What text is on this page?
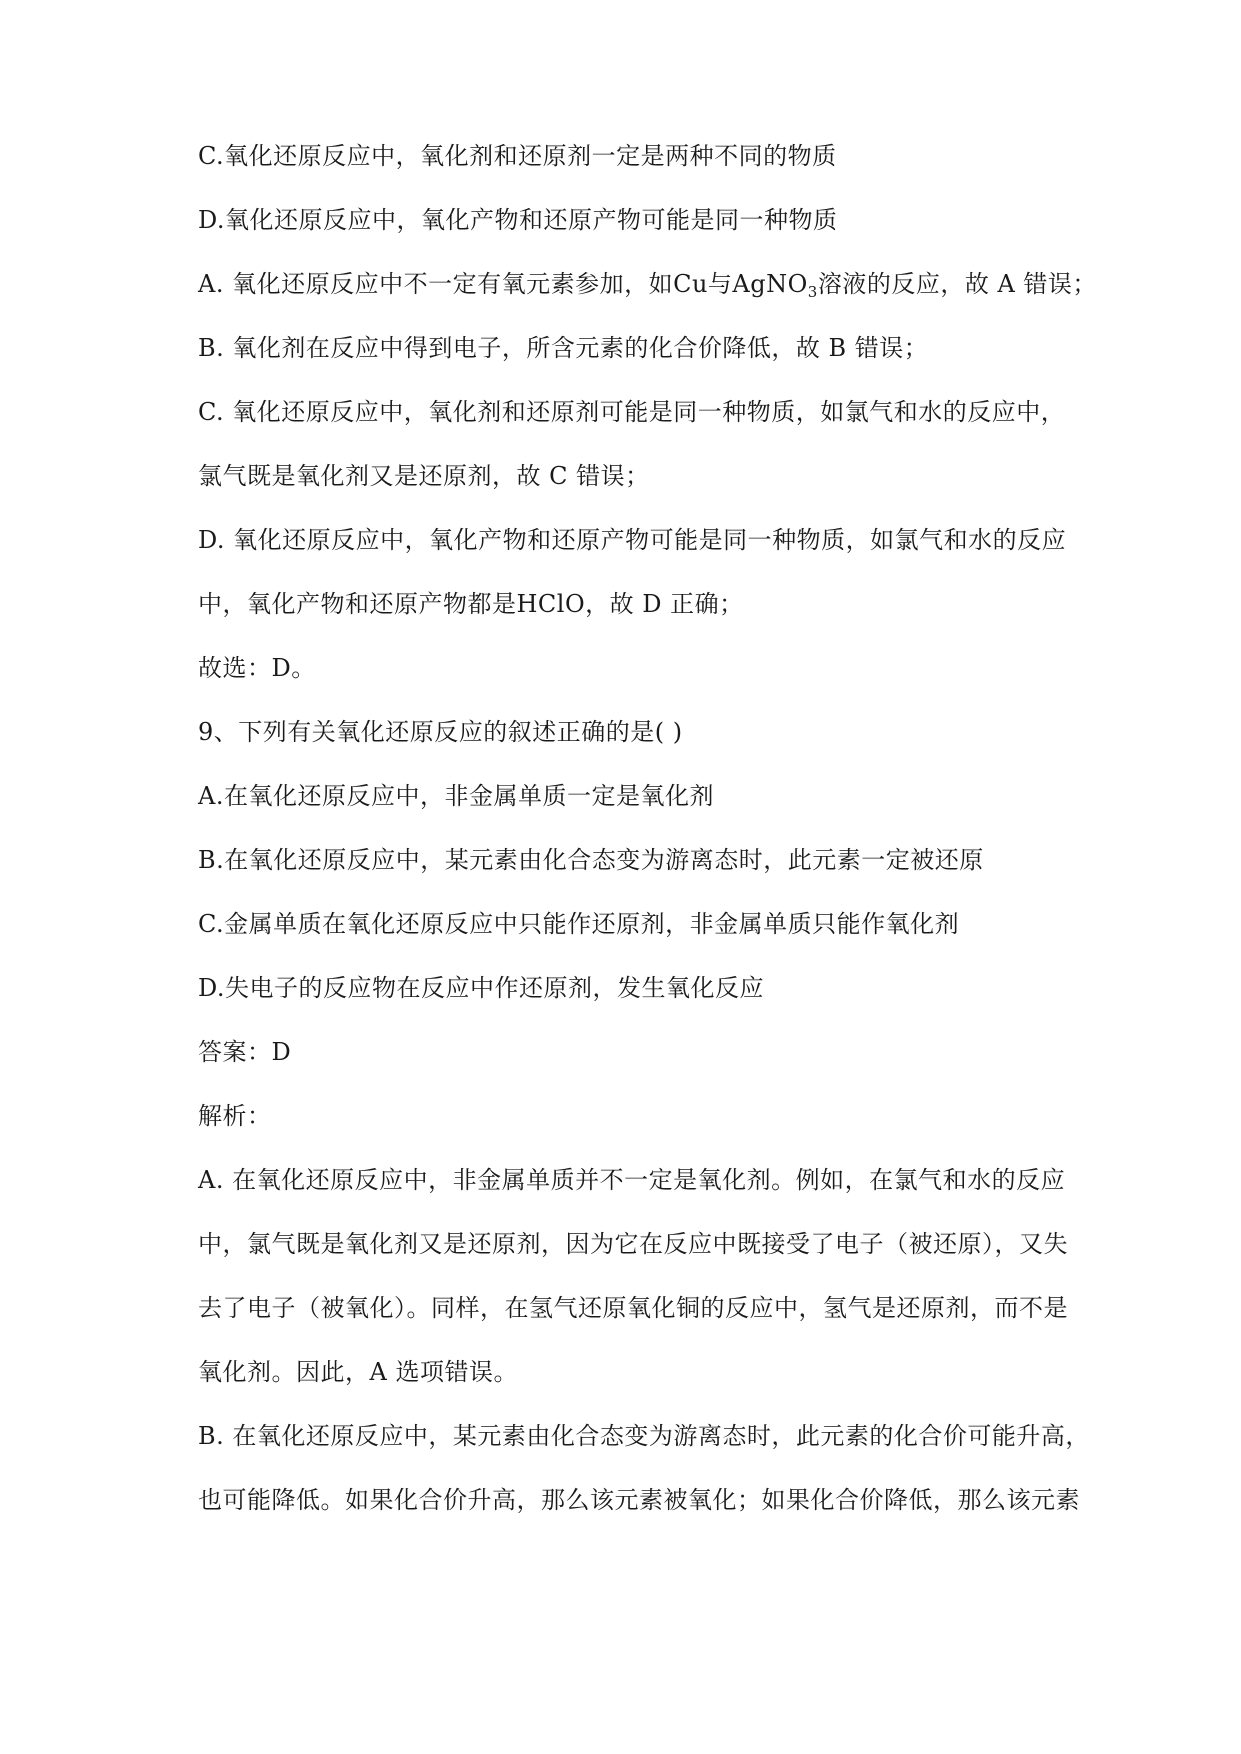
C.氧化还原反应中，氧化剂和还原剂一定是两种不同的物质
D.氧化还原反应中，氧化产物和还原产物可能是同一种物质
A. 氧化还原反应中不一定有氧元素参加，如Cu与AgNO$_3$溶液的反应，故 A 错误；
B. 氧化剂在反应中得到电子，所含元素的化合价降低，故 B 错误；
C. 氧化还原反应中，氧化剂和还原剂可能是同一种物质，如氯气和水的反应中，
氯气既是氧化剂又是还原剂，故 C 错误；
D. 氧化还原反应中，氧化产物和还原产物可能是同一种物质，如氯气和水的反应
中，氧化产物和还原产物都是HClO，故 D 正确；
故选：D。
9、下列有关氧化还原反应的叙述正确的是( )
A.在氧化还原反应中，非金属单质一定是氧化剂
B.在氧化还原反应中，某元素由化合态变为游离态时，此元素一定被还原
C.金属单质在氧化还原反应中只能作还原剂，非金属单质只能作氧化剂
D.失电子的反应物在反应中作还原剂，发生氧化反应
答案：D
解析：
A. 在氧化还原反应中，非金属单质并不一定是氧化剂。例如，在氯气和水的反应
中，氯气既是氧化剂又是还原剂，因为它在反应中既接受了电子（被还原），又失
去了电子（被氧化）。同样，在氢气还原氧化铜的反应中，氢气是还原剂，而不是
氧化剂。因此，A 选项错误。
B. 在氧化还原反应中，某元素由化合态变为游离态时，此元素的化合价可能升高，
也可能降低。如果化合价升高，那么该元素被氧化；如果化合价降低，那么该元素
